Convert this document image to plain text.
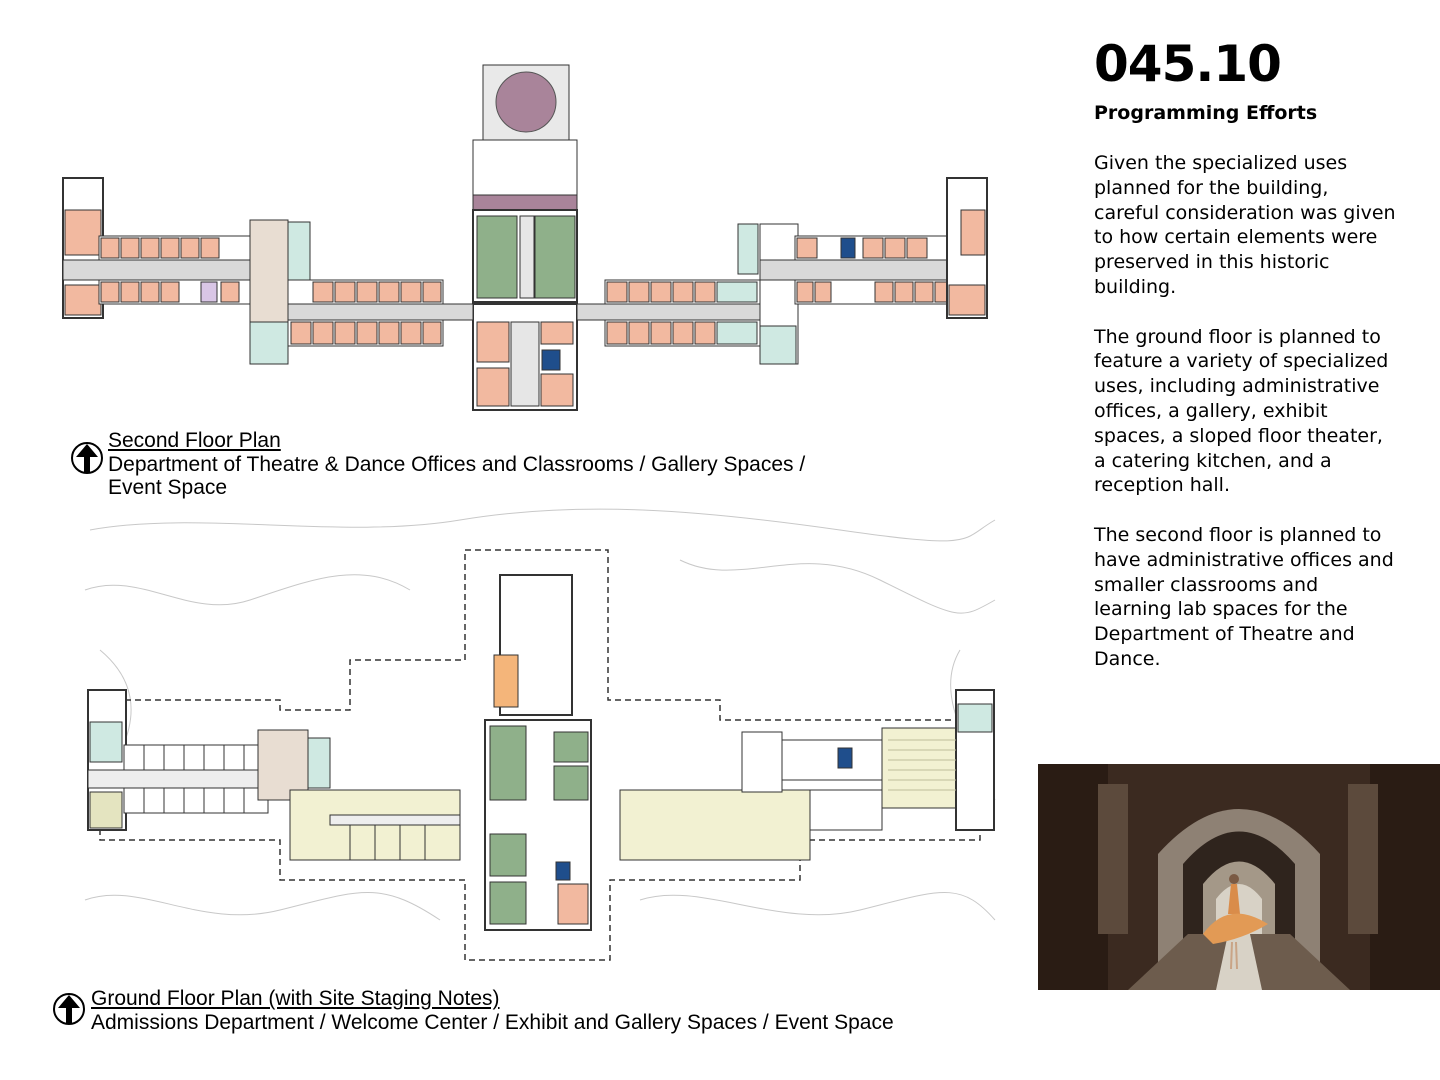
045.10
Programming Efforts

Given the specialized uses planned for the building, careful consideration was given to how certain elements were preserved in this historic building.

The ground floor is planned to feature a variety of specialized uses, including administrative offices, a gallery, exhibit spaces, a sloped floor theater, a catering kitchen, and a reception hall.

The second floor is planned to have administrative offices and smaller classrooms and learning lab spaces for the Department of Theatre and Dance.

Second Floor Plan
Department of Theatre & Dance Offices and Classrooms / Gallery Spaces /
Event Space
Ground Floor Plan (with Site Staging Notes)
Admissions Department / Welcome Center / Exhibit and Gallery Spaces / Event Space
